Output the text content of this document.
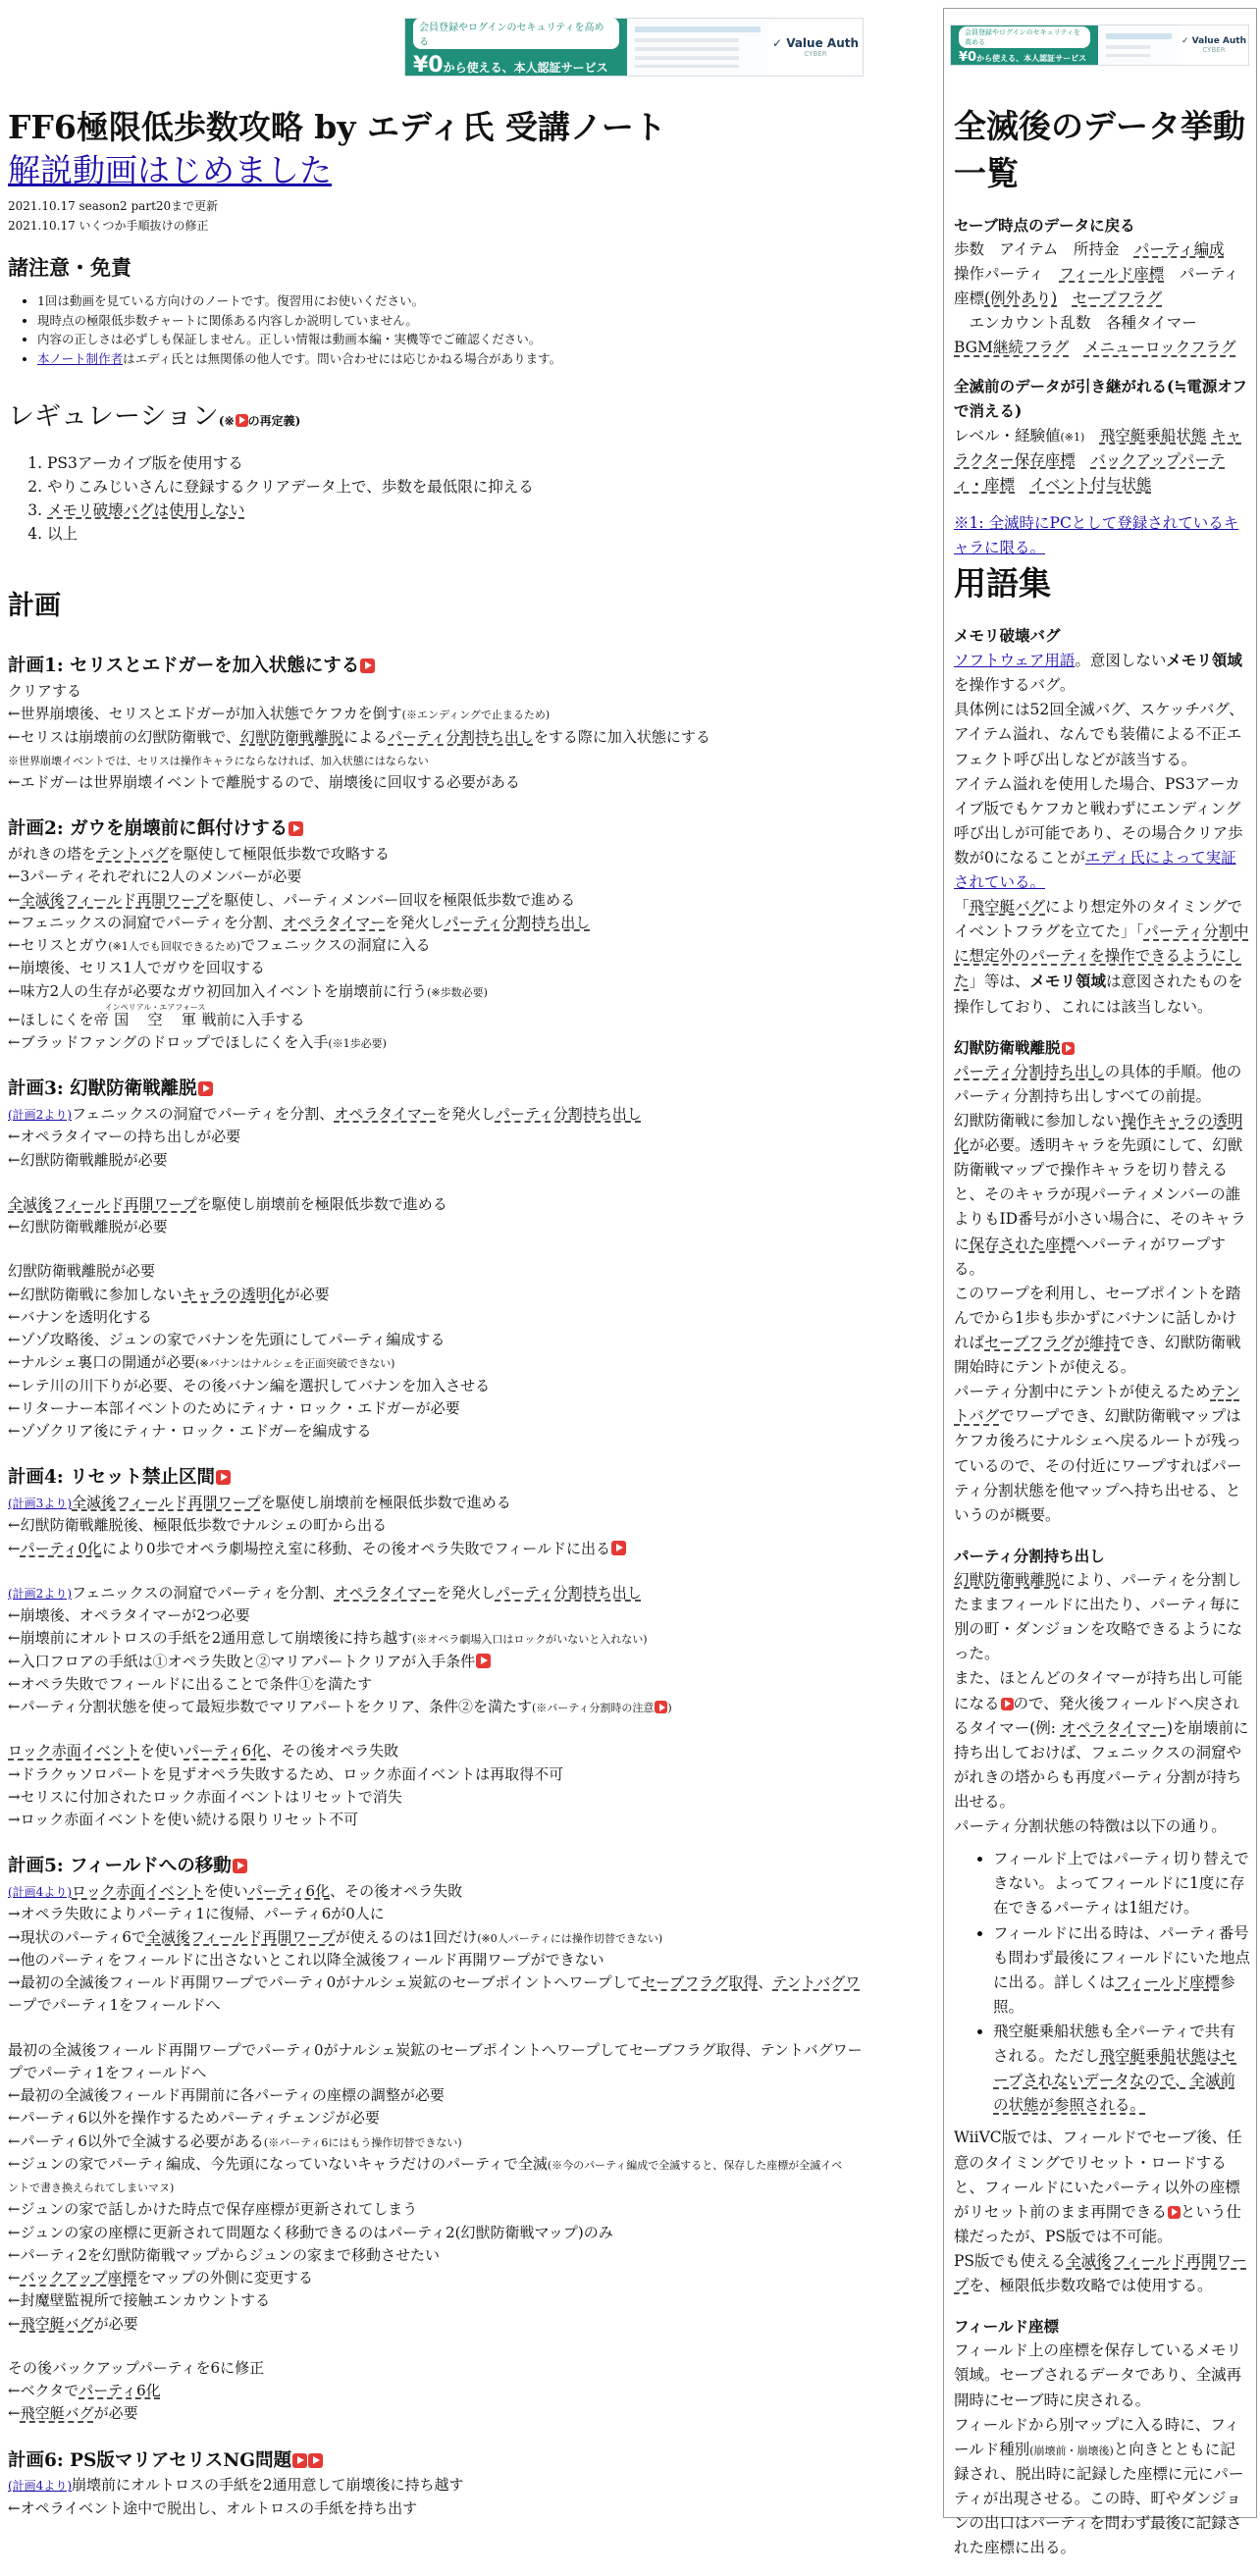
会員登録やログインのセキュリティを高める
¥0から使える、本人認証サービス
✓ Value Auth
CYBER
FF6極限低歩数攻略 by エディ氏 受講ノート
解説動画はじめました
2021.10.17 season2 part20まで更新
2021.10.17 いくつか手順抜けの修正
諸注意・免責
• 1回は動画を見ている方向けのノートです。復習用にお使いください。
• 現時点の極限低歩数チャートに関係ある内容しか説明していません。
• 内容の正しさは必ずしも保証しません。正しい情報は動画本編・実機等でご確認ください。
• 本ノート制作者はエディ氏とは無関係の他人です。問い合わせには応じかねる場合があります。
レギュレーション(※ の再定義)
1. PS3アーカイブ版を使用する
2. やりこみじいさんに登録するクリアデータ上で、歩数を最低限に抑える
3. メモリ破壊バグは使用しない
4. 以上
計画

計画1: セリスとエドガーを加入状態にする

クリアする

←世界崩壊後、セリスとエドガーが加入状態でケフカを倒す(※エンディングで止まるため)

←セリスは崩壊前の幻獣防衛戦で、幻獣防衛戦離脱によるパーティ分割持ち出しをする際に加入状態にする

※世界崩壊イベントでは、セリスは操作キャラにならなければ、加入状態にはならない

←エドガーは世界崩壊イベントで離脱するので、崩壊後に回収する必要がある

計画2: ガウを崩壊前に餌付けする

がれきの塔をテントバグを駆使して極限低歩数で攻略する

←3パーティそれぞれに2人のメンバーが必要

←全滅後フィールド再開ワープを駆使し、パーティメンバー回収を極限低歩数で進める

←フェニックスの洞窟でパーティを分割、オペラタイマーを発火しパーティ分割持ち出し

←セリスとガウ(※1人でも回収できるため)でフェニックスの洞窟に入る

←崩壊後、セリス1人でガウを回収する

←味方2人の生存が必要なガウ初回加入イベントを崩壊前に行う(※歩数必要)

←ほしにくを帝国空軍インペリアル・エアフォース戦前に入手する

←ブラッドファングのドロップでほしにくを入手(※1歩必要)

計画3: 幻獣防衛戦離脱

(計画2より)フェニックスの洞窟でパーティを分割、オペラタイマーを発火しパーティ分割持ち出し

←オペラタイマーの持ち出しが必要

←幻獣防衛戦離脱が必要

全滅後フィールド再開ワープを駆使し崩壊前を極限低歩数で進める

←幻獣防衛戦離脱が必要

幻獣防衛戦離脱が必要

←幻獣防衛戦に参加しないキャラの透明化が必要

←バナンを透明化する

←ゾゾ攻略後、ジュンの家でバナンを先頭にしてパーティ編成する

←ナルシェ裏口の開通が必要(※バナンはナルシェを正面突破できない)

←レテ川の川下りが必要、その後バナン編を選択してバナンを加入させる

←リターナー本部イベントのためにティナ・ロック・エドガーが必要

←ゾゾクリア後にティナ・ロック・エドガーを編成する

計画4: リセット禁止区間

(計画3より)全滅後フィールド再開ワープを駆使し崩壊前を極限低歩数で進める

←幻獣防衛戦離脱後、極限低歩数でナルシェの町から出る

←パーティ0化により0歩でオペラ劇場控え室に移動、その後オペラ失敗でフィールドに出る

(計画2より)フェニックスの洞窟でパーティを分割、オペラタイマーを発火しパーティ分割持ち出し

←崩壊後、オペラタイマーが2つ必要

←崩壊前にオルトロスの手紙を2通用意して崩壊後に持ち越す(※オペラ劇場入口はロックがいないと入れない)

←入口フロアの手紙は①オペラ失敗と②マリアパートクリアが入手条件

←オペラ失敗でフィールドに出ることで条件①を満たす

←パーティ分割状態を使って最短歩数でマリアパートをクリア、条件②を満たす(※パーティ分割時の注意 )

ロック赤面イベントを使いパーティ6化、その後オペラ失敗

→ドラクゥソロパートを見ずオペラ失敗するため、ロック赤面イベントは再取得不可

→セリスに付加されたロック赤面イベントはリセットで消失

→ロック赤面イベントを使い続ける限りリセット不可

計画5: フィールドへの移動

(計画4より)ロック赤面イベントを使いパーティ6化、その後オペラ失敗

→オペラ失敗によりパーティ1に復帰、パーティ6が0人に

→現状のパーティ6で全滅後フィールド再開ワープが使えるのは1回だけ(※0人パーティには操作切替できない)

→他のパーティをフィールドに出さないとこれ以降全滅後フィールド再開ワープができない

→最初の全滅後フィールド再開ワープでパーティ0がナルシェ炭鉱のセーブポイントへワープしてセーブフラグ取得、テントバグワ

ープでパーティ1をフィールドへ

最初の全滅後フィールド再開ワープでパーティ0がナルシェ炭鉱のセーブポイントへワープしてセーブフラグ取得、テントバグワー

プでパーティ1をフィールドへ

←最初の全滅後フィールド再開前に各パーティの座標の調整が必要

←パーティ6以外を操作するためパーティチェンジが必要

←パーティ6以外で全滅する必要がある(※パーティ6にはもう操作切替できない)

←ジュンの家でパーティ編成、今先頭になっていないキャラだけのパーティで全滅(※今のパーティ編成で全滅すると、保存した座標が全滅イベ

ントで書き換えられてしまいマヌ)

←ジュンの家で話しかけた時点で保存座標が更新されてしまう

←ジュンの家の座標に更新されて問題なく移動できるのはパーティ2(幻獣防衛戦マップ)のみ

←パーティ2を幻獣防衛戦マップからジュンの家まで移動させたい

←バックアップ座標をマップの外側に変更する

←封魔壁監視所で接触エンカウントする

←飛空艇バグが必要

その後バックアップパーティを6に修正

←ベクタでパーティ6化

←飛空艇バグが必要

計画6: PS版マリアセリスNG問題

(計画4より)崩壊前にオルトロスの手紙を2通用意して崩壊後に持ち越す

←オペライベント途中で脱出し、オルトロスの手紙を持ち出す

会員登録やログインのセキュリティを高める
¥0から使える、本人認証サービス
✓ Value Auth
CYBER
全滅後のデータ挙動一覧
セーブ時点のデータに戻る

歩数　アイテム　所持金　パーティ編成　操作パーティ　フィールド座標　パーティ座標(例外あり)　 セーブフラグ
　エンカウント乱数　各種タイマー　BGM継続フラグ　 メニューロックフラグ

全滅前のデータが引き継がれる(≒電源オフで消える)

レベル・経験値(※1)　 飛空艇乗船状態 キャラクター保存座標　 バックアップパーティ・座標　 イベント付与状態

※1: 全滅時にPCとして登録されているキャラに限る。

用語集
メモリ破壊バグ

ソフトウェア用語。意図しないメモリ領域を操作するバグ。

具体例には52回全滅バグ、スケッチバグ、アイテム溢れ、なんでも装備による不正エフェクト呼び出しなどが該当する。

アイテム溢れを使用した場合、PS3アーカイブ版でもケフカと戦わずにエンディング呼び出しが可能であり、その場合クリア歩数が0になることがエディ氏によって実証されている。

「飛空艇バグにより想定外のタイミングでイベントフラグを立てた」「パーティ分割中に想定外のパーティを操作できるようにした」等は、メモリ領域は意図されたものを操作しており、これには該当しない。

幻獣防衛戦離脱

パーティ分割持ち出しの具体的手順。他のパーティ分割持ち出しすべての前提。

幻獣防衛戦に参加しない操作キャラの透明化が必要。透明キャラを先頭にして、幻獣防衛戦マップで操作キャラを切り替えると、そのキャラが現パーティメンバーの誰よりもID番号が小さい場合に、そのキャラに保存された座標へパーティがワープする。

このワープを利用し、セーブポイントを踏んでから1歩も歩かずにバナンに話しかければセーブフラグが維持でき、幻獣防衛戦開始時にテントが使える。

パーティ分割中にテントが使えるためテントバグでワープでき、幻獣防衛戦マップはケフカ後ろにナルシェへ戻るルートが残っているので、その付近にワープすればパーティ分割状態を他マップへ持ち出せる、というのが概要。

パーティ分割持ち出し

幻獣防衛戦離脱により、パーティを分割したままフィールドに出たり、パーティ毎に別の町・ダンジョンを攻略できるようになった。

また、ほとんどのタイマーが持ち出し可能になる ので、発火後フィールドへ戻されるタイマー(例: オペラタイマー)を崩壊前に持ち出しておけば、フェニックスの洞窟やがれきの塔からも再度パーティ分割が持ち出せる。

パーティ分割状態の特徴は以下の通り。

• フィールド上ではパーティ切り替えできない。よってフィールドに1度に存在できるパーティは1組だけ。
• フィールドに出る時は、パーティ番号も問わず最後にフィールドにいた地点に出る。詳しくはフィールド座標参照。
• 飛空艇乗船状態も全パーティで共有される。ただし飛空艇乗船状態はセーブされないデータなので、全滅前の状態が参照される。

WiiVC版では、フィールドでセーブ後、任意のタイミングでリセット・ロードすると、フィールドにいたパーティ以外の座標がリセット前のまま再開できる という仕様だったが、PS版では不可能。

PS版でも使える全滅後フィールド再開ワープを、極限低歩数攻略では使用する。

フィールド座標

フィールド上の座標を保存しているメモリ領域。セーブされるデータであり、全滅再開時にセーブ時に戻される。

フィールドから別マップに入る時に、フィールド種別(崩壊前・崩壊後)と向きとともに記録され、脱出時に記録した座標に元にパーティが出現させる。この時、町やダンジョンの出口はパーティを問わず最後に記録された座標に出る。
